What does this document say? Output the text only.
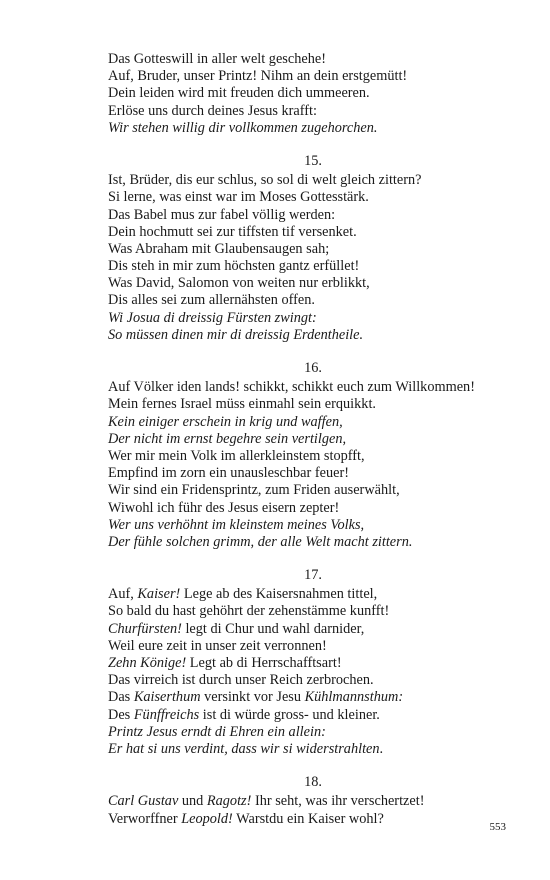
Das Gotteswill in aller welt geschehe!
Auf, Bruder, unser Printz! Nihm an dein erstgemütt!
Dein leiden wird mit freuden dich ummeeren.
Erlöse uns durch deines Jesus krafft:
Wir stehen willig dir vollkommen zugehorchen.
15.
Ist, Brüder, dis eur schlus, so sol di welt gleich zittern?
Si lerne, was einst war im Moses Gottesstärk.
Das Babel mus zur fabel völlig werden:
Dein hochmutt sei zur tiffsten tif versenket.
Was Abraham mit Glaubensaugen sah;
Dis steh in mir zum höchsten gantz erfüllet!
Was David, Salomon von weiten nur erblikkt,
Dis alles sei zum allernähsten offen.
Wi Josua di dreissig Fürsten zwingt:
So müssen dinen mir di dreissig Erdentheile.
16.
Auf Völker iden lands! schikkt, schikkt euch zum Willkommen!
Mein fernes Israel müss einmahl sein erquikkt.
Kein einiger erschein in krig und waffen,
Der nicht im ernst begehre sein vertilgen,
Wer mir mein Volk im allerkleinstem stopfft,
Empfind im zorn ein unausleschbar feuer!
Wir sind ein Fridensprintz, zum Friden auserwählt,
Wiwohl ich führ des Jesus eisern zepter!
Wer uns verhöhnt im kleinstem meines Volks,
Der fühle solchen grimm, der alle Welt macht zittern.
17.
Auf, Kaiser! Lege ab des Kaisersnahmen tittel,
So bald du hast gehöhrt der zehenstämme kunfft!
Churfürsten! legt di Chur und wahl darnider,
Weil eure zeit in unser zeit verronnen!
Zehn Könige! Legt ab di Herrschafftsart!
Das virreich ist durch unser Reich zerbrochen.
Das Kaiserthum versinkt vor Jesu Kühlmannsthum:
Des Fünffreichs ist di würde gross- und kleiner.
Printz Jesus erndt di Ehren ein allein:
Er hat si uns verdint, dass wir si widerstrahlten.
18.
Carl Gustav und Ragotz! Ihr seht, was ihr verschertzet!
Verworffner Leopold! Warstdu ein Kaiser wohl?
553
